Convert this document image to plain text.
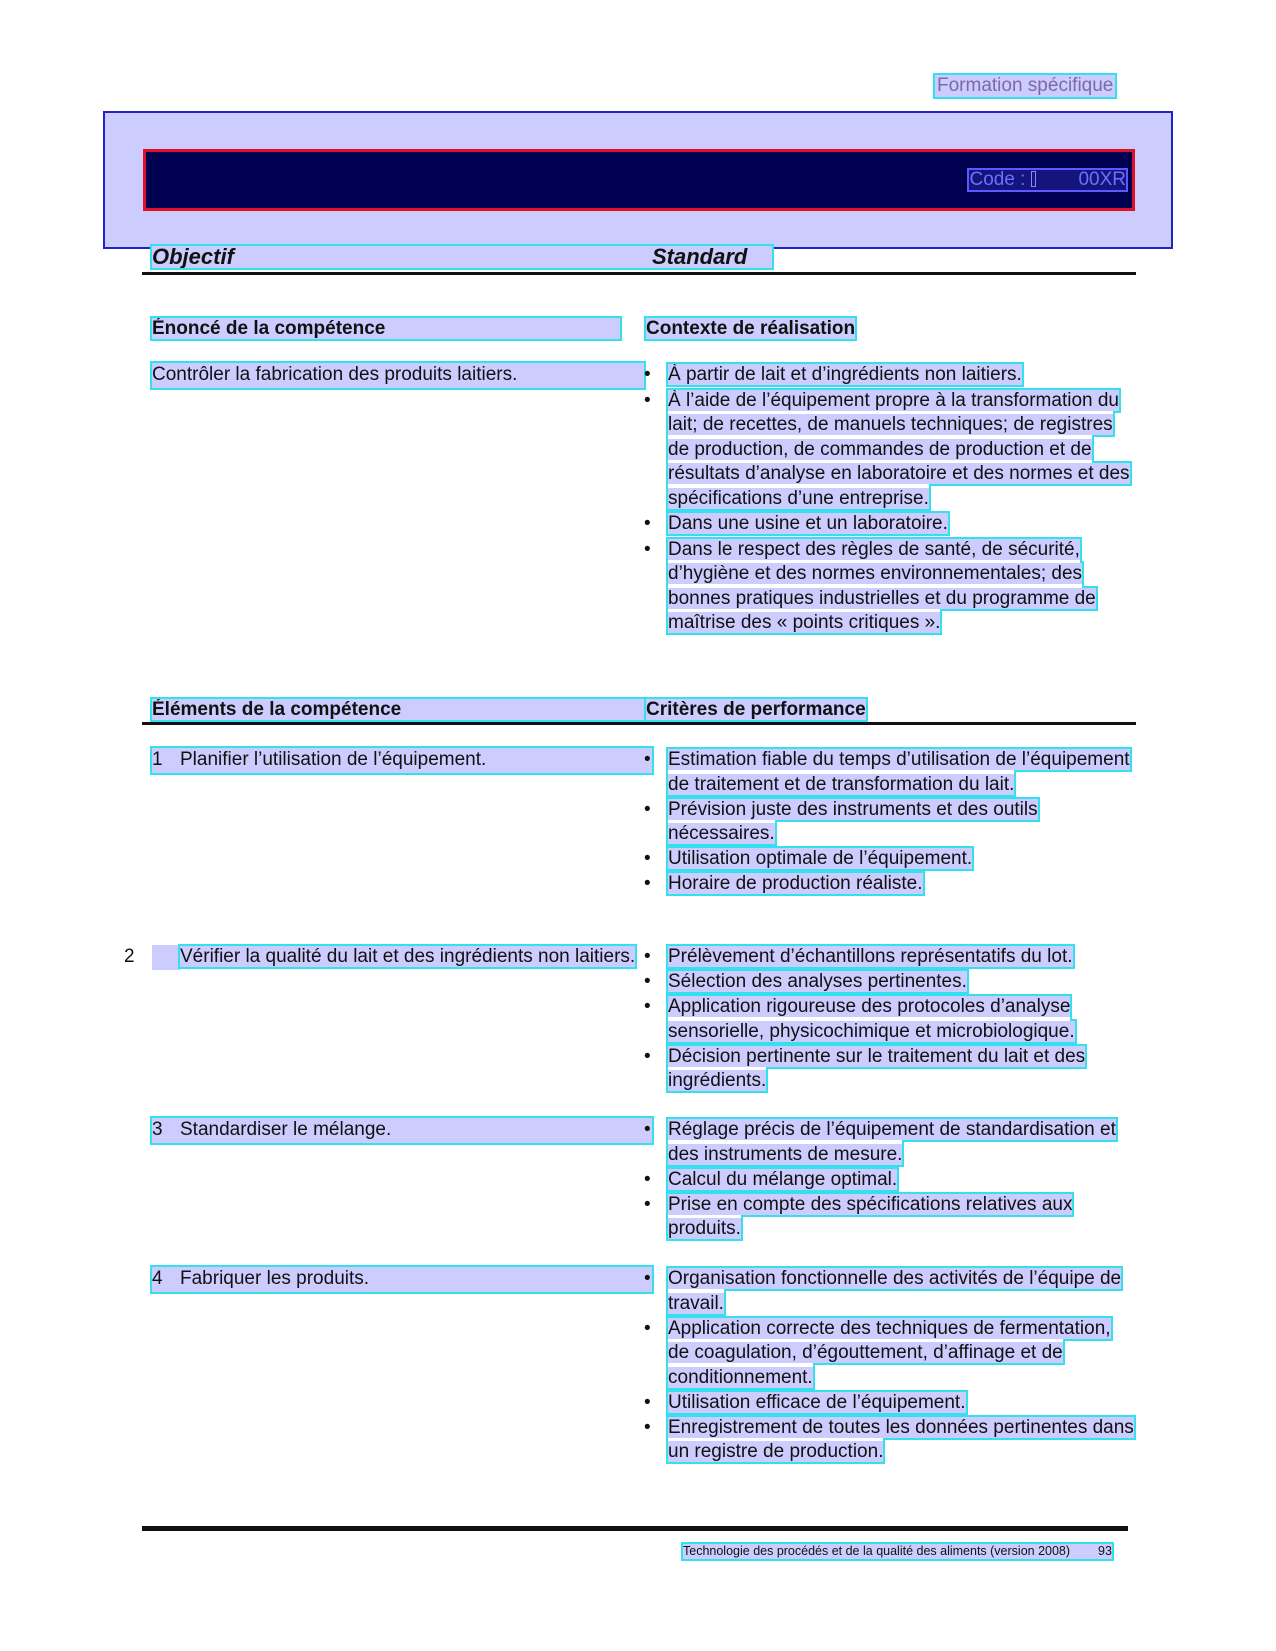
Formation spécifique
Code :	00XR
Objectif	Standard
Énoncé de la compétence	Contexte de réalisation
Contrôler la fabrication des produits laitiers.	• À partir de lait et d’ingrédients non laitiers.
• À l’aide de l’équipement propre à la transformation du lait; de recettes, de manuels techniques; de registres de production, de commandes de production et de résultats d’analyse en laboratoire et des normes et des spécifications d’une entreprise.
• Dans une usine et un laboratoire.
• Dans le respect des règles de santé, de sécurité, d’hygiène et des normes environnementales; des bonnes pratiques industrielles et du programme de maîtrise des « points critiques ».
Éléments de la compétence	Critères de performance
1 Planifier l’utilisation de l’équipement.	• Estimation fiable du temps d’utilisation de l’équipement de traitement et de transformation du lait.
• Prévision juste des instruments et des outils nécessaires.
• Utilisation optimale de l’équipement.
• Horaire de production réaliste.
2 Vérifier la qualité du lait et des ingrédients non laitiers.	• Prélèvement d’échantillons représentatifs du lot.
• Sélection des analyses pertinentes.
• Application rigoureuse des protocoles d’analyse sensorielle, physicochimique et microbiologique.
• Décision pertinente sur le traitement du lait et des ingrédients.
3 Standardiser le mélange.	• Réglage précis de l’équipement de standardisation et des instruments de mesure.
• Calcul du mélange optimal.
• Prise en compte des spécifications relatives aux produits.
4 Fabriquer les produits.	• Organisation fonctionnelle des activités de l’équipe de travail.
• Application correcte des techniques de fermentation, de coagulation, d’égouttement, d’affinage et de conditionnement.
• Utilisation efficace de l’équipement.
• Enregistrement de toutes les données pertinentes dans un registre de production.
Technologie des procédés et de la qualité des aliments (version 2008) 93
